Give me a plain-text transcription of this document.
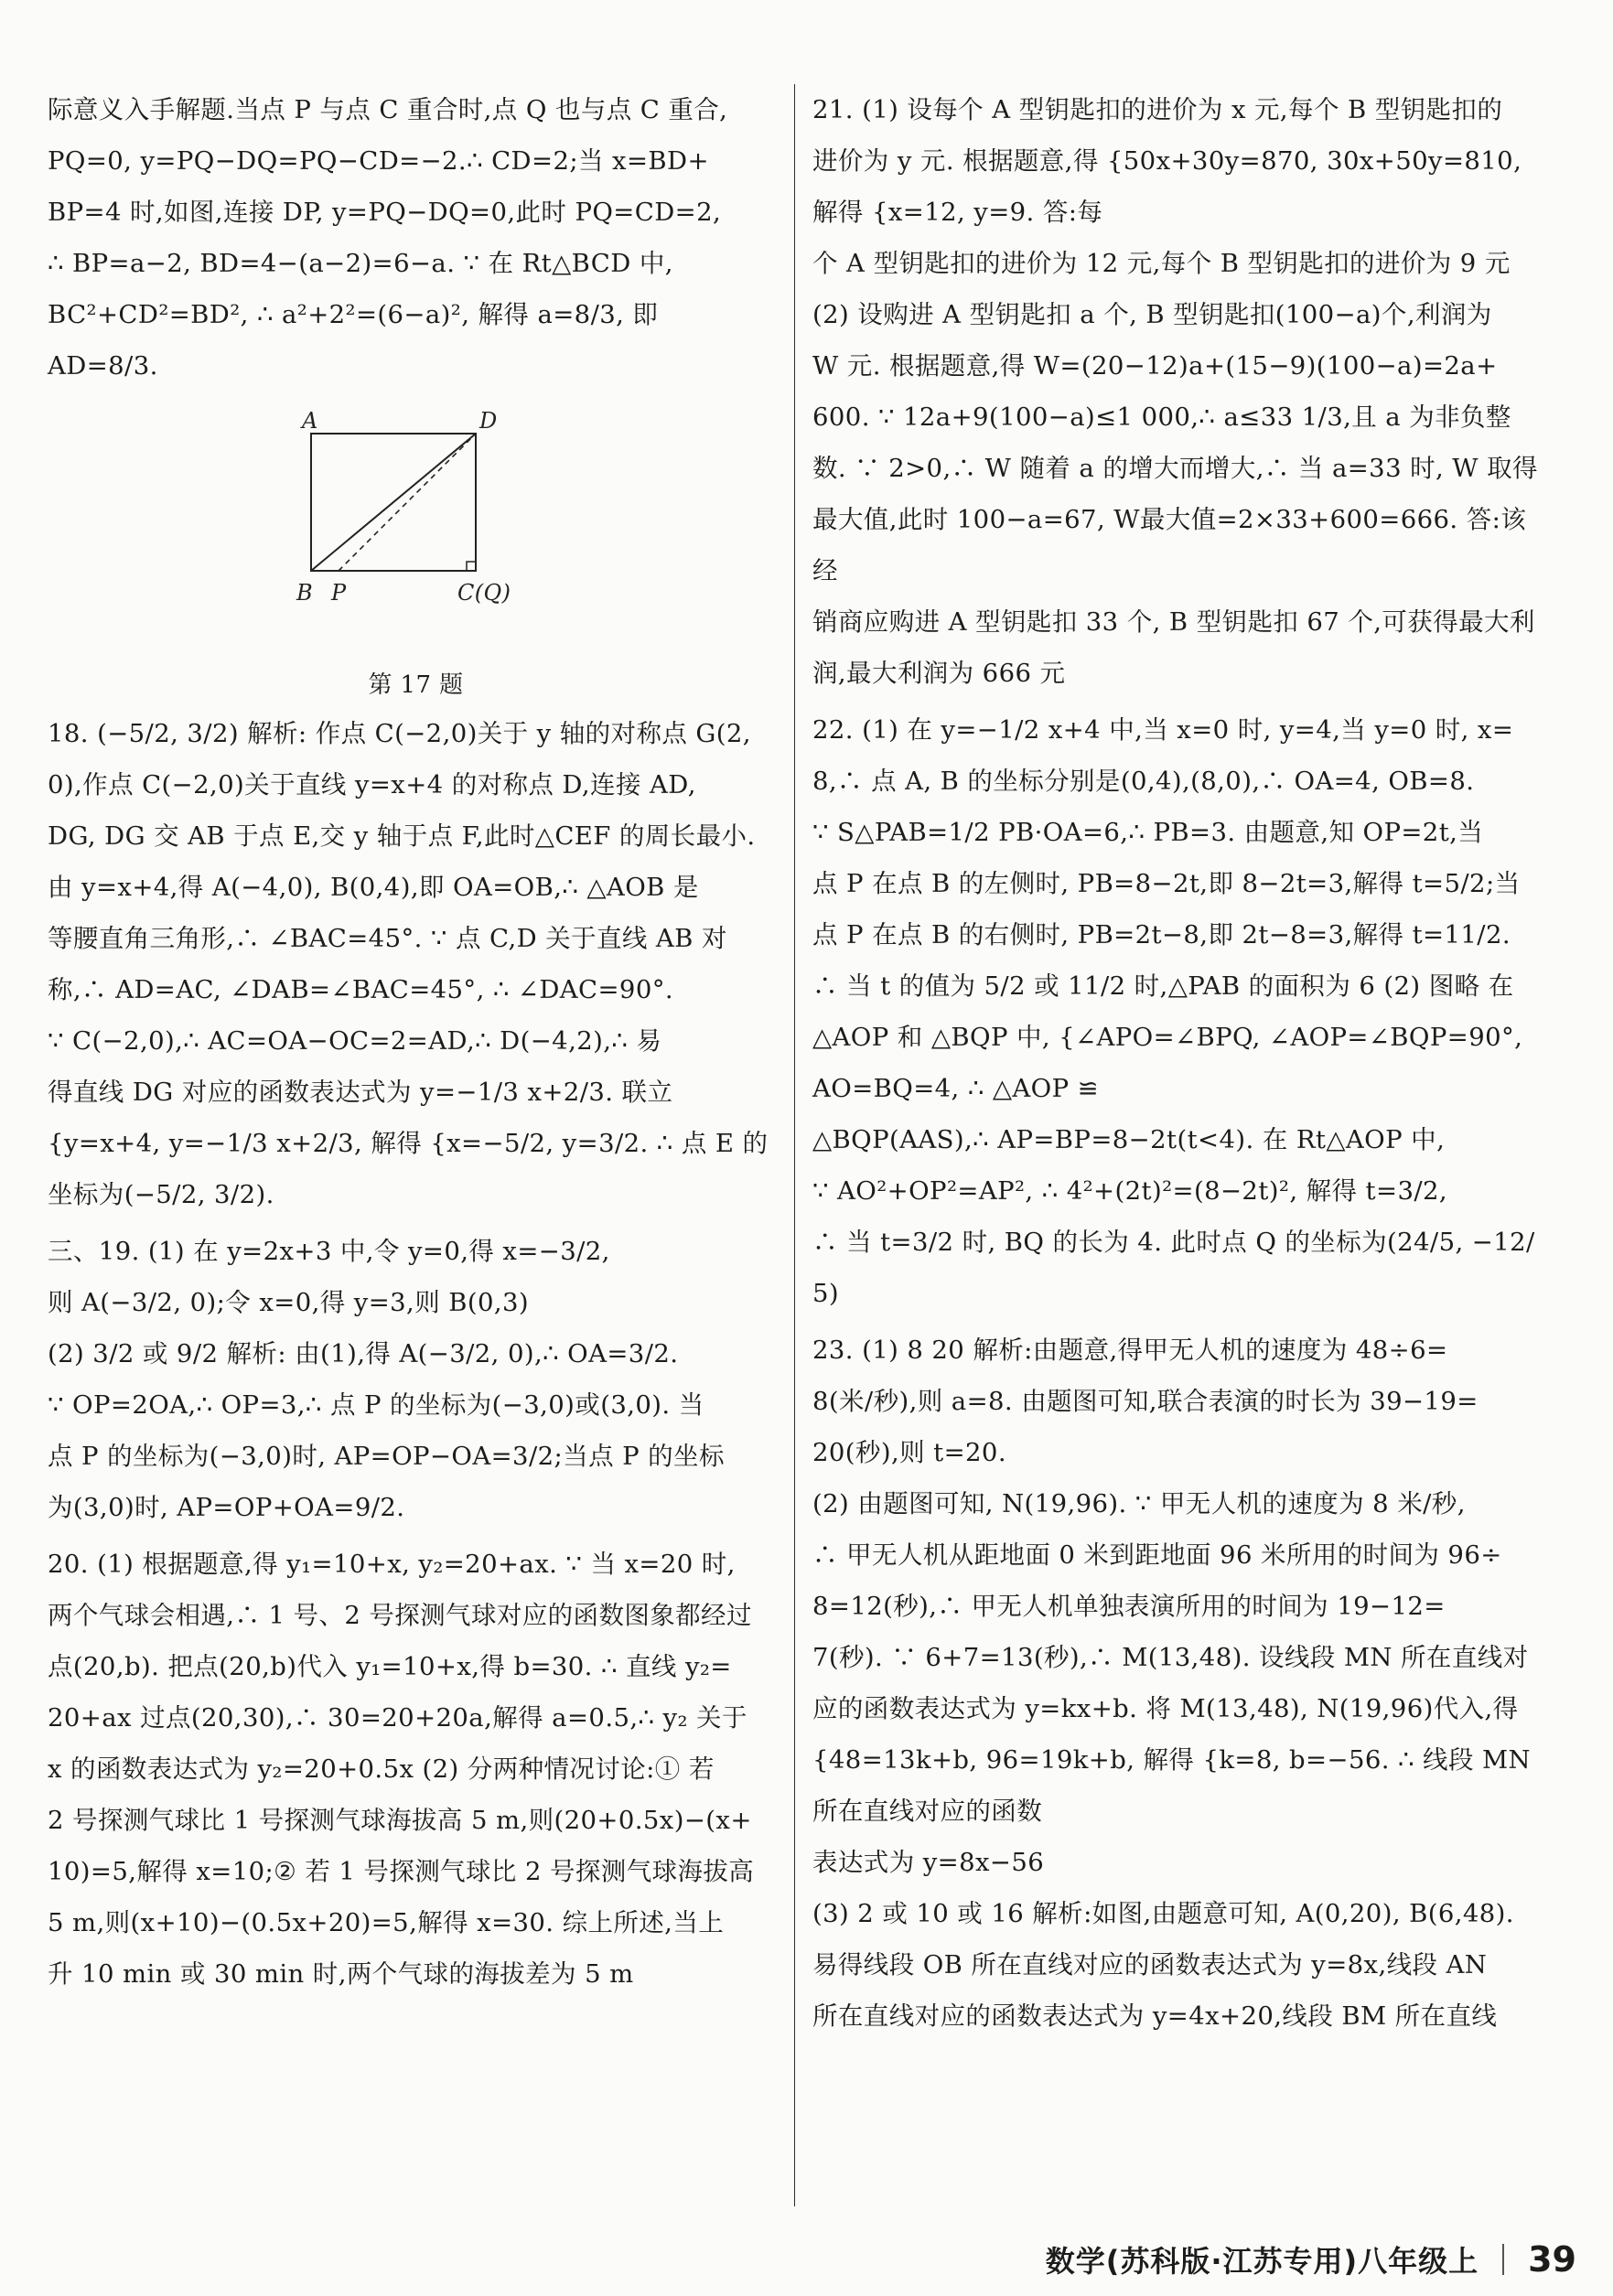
际意义入手解题.当点 P 与点 C 重合时,点 Q 也与点 C 重合,
PQ=0, y=PQ−DQ=PQ−CD=−2.∴ CD=2;当 x=BD+
BP=4 时,如图,连接 DP, y=PQ−DQ=0,此时 PQ=CD=2,
∴ BP=a−2, BD=4−(a−2)=6−a. ∵ 在 Rt△BCD 中,
BC²+CD²=BD², ∴ a²+2²=(6−a)², 解得 a=8/3, 即
AD=8/3.
A	D
B P	C(Q)
第 17 题
18. (−5/2, 3/2) 解析: 作点 C(−2,0)关于 y 轴的对称点 G(2,
0),作点 C(−2,0)关于直线 y=x+4 的对称点 D,连接 AD,
DG, DG 交 AB 于点 E,交 y 轴于点 F,此时△CEF 的周长最小.
由 y=x+4,得 A(−4,0), B(0,4),即 OA=OB,∴ △AOB 是
等腰直角三角形,∴ ∠BAC=45°. ∵ 点 C,D 关于直线 AB 对
称,∴ AD=AC, ∠DAB=∠BAC=45°, ∴ ∠DAC=90°.
∵ C(−2,0),∴ AC=OA−OC=2=AD,∴ D(−4,2),∴ 易
得直线 DG 对应的函数表达式为 y=−1/3 x+2/3. 联立
{y=x+4, y=−1/3 x+2/3, 解得 {x=−5/2, y=3/2. ∴ 点 E 的坐标为(−5/2, 3/2).
三、19. (1) 在 y=2x+3 中,令 y=0,得 x=−3/2,
则 A(−3/2, 0);令 x=0,得 y=3,则 B(0,3)
(2) 3/2 或 9/2 解析: 由(1),得 A(−3/2, 0),∴ OA=3/2.
∵ OP=2OA,∴ OP=3,∴ 点 P 的坐标为(−3,0)或(3,0). 当
点 P 的坐标为(−3,0)时, AP=OP−OA=3/2;当点 P 的坐标
为(3,0)时, AP=OP+OA=9/2.
20. (1) 根据题意,得 y₁=10+x, y₂=20+ax. ∵ 当 x=20 时,
两个气球会相遇,∴ 1 号、2 号探测气球对应的函数图象都经过
点(20,b). 把点(20,b)代入 y₁=10+x,得 b=30. ∴ 直线 y₂=
20+ax 过点(20,30),∴ 30=20+20a,解得 a=0.5,∴ y₂ 关于
x 的函数表达式为 y₂=20+0.5x (2) 分两种情况讨论:① 若
2 号探测气球比 1 号探测气球海拔高 5 m,则(20+0.5x)−(x+
10)=5,解得 x=10;② 若 1 号探测气球比 2 号探测气球海拔高
5 m,则(x+10)−(0.5x+20)=5,解得 x=30. 综上所述,当上
升 10 min 或 30 min 时,两个气球的海拔差为 5 m
21. (1) 设每个 A 型钥匙扣的进价为 x 元,每个 B 型钥匙扣的
进价为 y 元. 根据题意,得 {50x+30y=870, 30x+50y=810, 解得 {x=12, y=9. 答:每
个 A 型钥匙扣的进价为 12 元,每个 B 型钥匙扣的进价为 9 元
(2) 设购进 A 型钥匙扣 a 个, B 型钥匙扣(100−a)个,利润为
W 元. 根据题意,得 W=(20−12)a+(15−9)(100−a)=2a+
600. ∵ 12a+9(100−a)≤1 000,∴ a≤33 1/3,且 a 为非负整
数. ∵ 2>0,∴ W 随着 a 的增大而增大,∴ 当 a=33 时, W 取得
最大值,此时 100−a=67, W最大值=2×33+600=666. 答:该经
销商应购进 A 型钥匙扣 33 个, B 型钥匙扣 67 个,可获得最大利
润,最大利润为 666 元
22. (1) 在 y=−1/2 x+4 中,当 x=0 时, y=4,当 y=0 时, x=
8,∴ 点 A, B 的坐标分别是(0,4),(8,0),∴ OA=4, OB=8.
∵ S△PAB=1/2 PB·OA=6,∴ PB=3. 由题意,知 OP=2t,当
点 P 在点 B 的左侧时, PB=8−2t,即 8−2t=3,解得 t=5/2;当
点 P 在点 B 的右侧时, PB=2t−8,即 2t−8=3,解得 t=11/2.
∴ 当 t 的值为 5/2 或 11/2 时,△PAB 的面积为 6 (2) 图略 在
△AOP 和 △BQP 中, {∠APO=∠BPQ, ∠AOP=∠BQP=90°, AO=BQ=4, ∴ △AOP ≌
△BQP(AAS),∴ AP=BP=8−2t(t<4). 在 Rt△AOP 中,
∵ AO²+OP²=AP², ∴ 4²+(2t)²=(8−2t)², 解得 t=3/2,
∴ 当 t=3/2 时, BQ 的长为 4. 此时点 Q 的坐标为(24/5, −12/5)
23. (1) 8 20 解析:由题意,得甲无人机的速度为 48÷6=
8(米/秒),则 a=8. 由题图可知,联合表演的时长为 39−19=
20(秒),则 t=20.
(2) 由题图可知, N(19,96). ∵ 甲无人机的速度为 8 米/秒,
∴ 甲无人机从距地面 0 米到距地面 96 米所用的时间为 96÷
8=12(秒),∴ 甲无人机单独表演所用的时间为 19−12=
7(秒). ∵ 6+7=13(秒),∴ M(13,48). 设线段 MN 所在直线对
应的函数表达式为 y=kx+b. 将 M(13,48), N(19,96)代入,得
{48=13k+b, 96=19k+b, 解得 {k=8, b=−56. ∴ 线段 MN 所在直线对应的函数
表达式为 y=8x−56
(3) 2 或 10 或 16 解析:如图,由题意可知, A(0,20), B(6,48).
易得线段 OB 所在直线对应的函数表达式为 y=8x,线段 AN
所在直线对应的函数表达式为 y=4x+20,线段 BM 所在直线
数学(苏科版·江苏专用)八年级上 39
